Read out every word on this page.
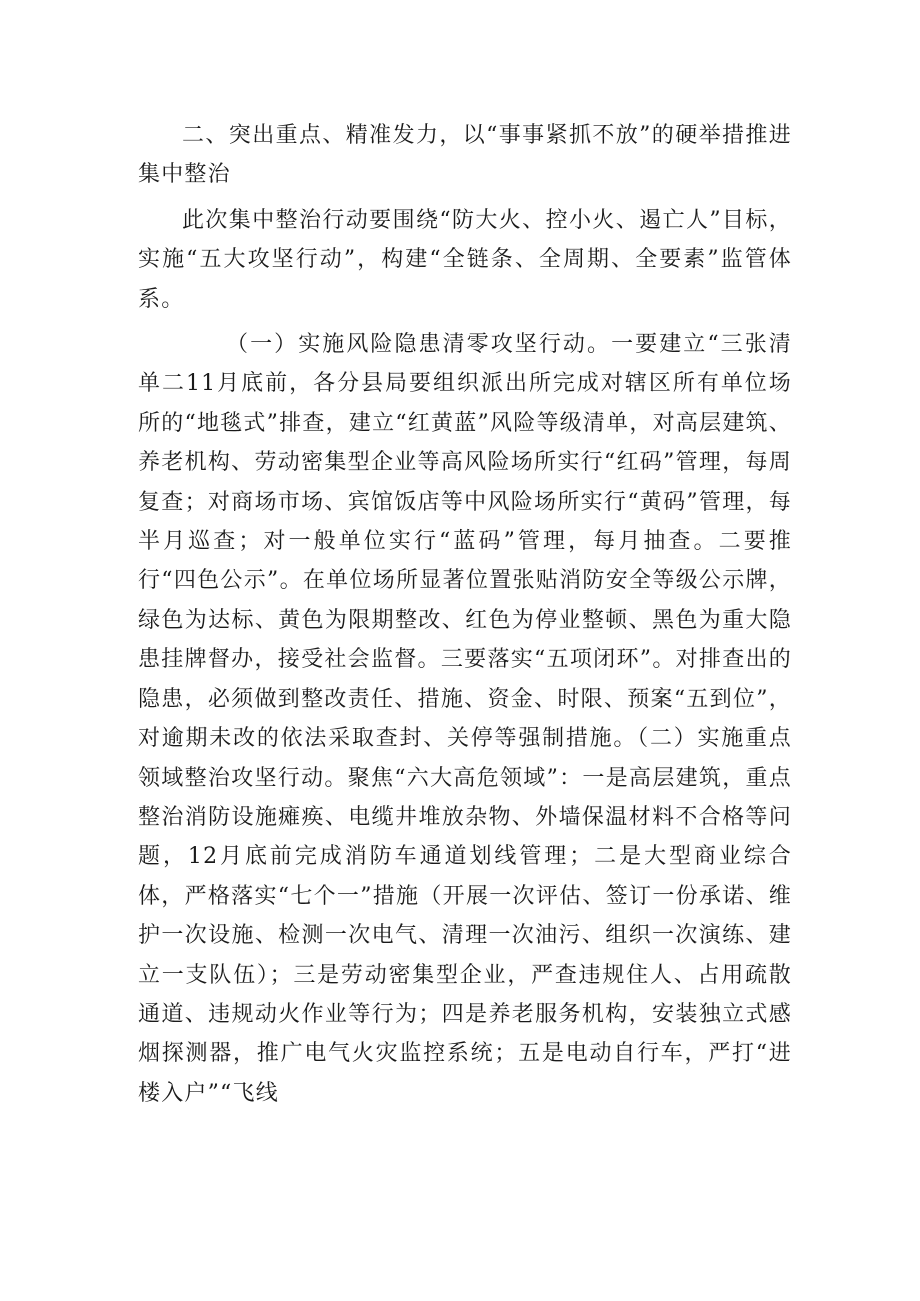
二、突出重点、精准发力，以“事事紧抓不放”的硬举措推进集中整治

此次集中整治行动要围绕“防大火、控小火、遏亡人”目标，实施“五大攻坚行动”，构建“全链条、全周期、全要素”监管体系。

（一）实施风险隐患清零攻坚行动。一要建立“三张清单二11月底前，各分县局要组织派出所完成对辖区所有单位场所的“地毯式”排查，建立“红黄蓝”风险等级清单，对高层建筑、养老机构、劳动密集型企业等高风险场所实行“红码”管理，每周复查；对商场市场、宾馆饭店等中风险场所实行“黄码”管理，每半月巡查；对一般单位实行“蓝码”管理，每月抽查。二要推行“四色公示”。在单位场所显著位置张贴消防安全等级公示牌，绿色为达标、黄色为限期整改、红色为停业整顿、黑色为重大隐患挂牌督办，接受社会监督。三要落实“五项闭环”。对排查出的隐患，必须做到整改责任、措施、资金、时限、预案“五到位”，对逾期未改的依法采取查封、关停等强制措施。（二）实施重点领域整治攻坚行动。聚焦“六大高危领域”：一是高层建筑，重点整治消防设施瘫痪、电缆井堆放杂物、外墙保温材料不合格等问题，12月底前完成消防车通道划线管理；二是大型商业综合体，严格落实“七个一”措施（开展一次评估、签订一份承诺、维护一次设施、检测一次电气、清理一次油污、组织一次演练、建立一支队伍）；三是劳动密集型企业，严查违规住人、占用疏散通道、违规动火作业等行为；四是养老服务机构，安装独立式感烟探测器，推广电气火灾监控系统；五是电动自行车，严打“进楼入户”“飞线
